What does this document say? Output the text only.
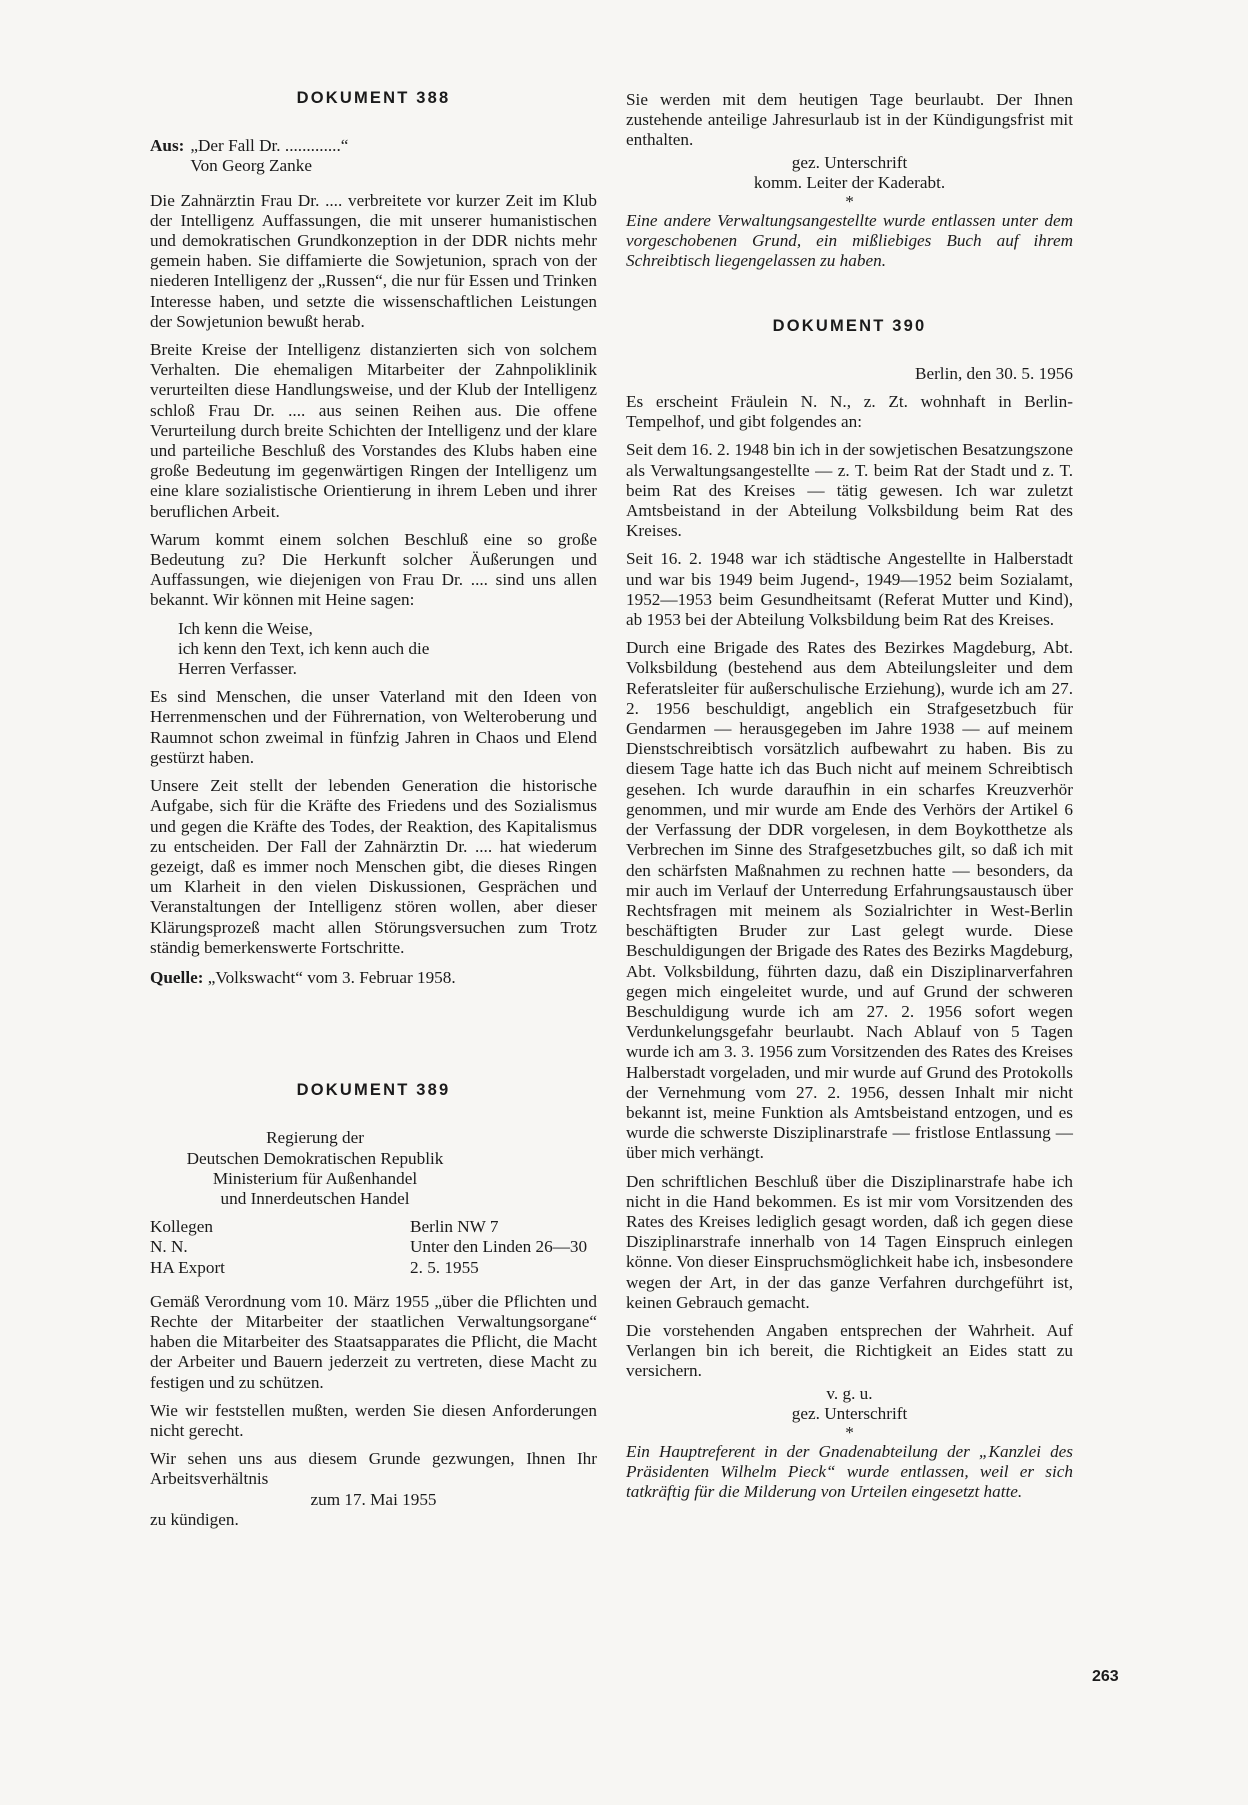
DOKUMENT 388
Aus: „Der Fall Dr. .............“
Von Georg Zanke

Die Zahnärztin Frau Dr. .... verbreitete vor kurzer Zeit im Klub der Intelligenz Auffassungen, die mit unserer humanistischen und demokratischen Grundkonzeption in der DDR nichts mehr gemein haben. Sie diffamierte die Sowjetunion, sprach von der niederen Intelligenz der „Russen“, die nur für Essen und Trinken Interesse haben, und setzte die wissenschaftlichen Leistungen der Sowjetunion bewußt herab.

Breite Kreise der Intelligenz distanzierten sich von solchem Verhalten. Die ehemaligen Mitarbeiter der Zahnpoliklinik verurteilten diese Handlungsweise, und der Klub der Intelligenz schloß Frau Dr. .... aus seinen Reihen aus. Die offene Verurteilung durch breite Schichten der Intelligenz und der klare und parteiliche Beschluß des Vorstandes des Klubs haben eine große Bedeutung im gegenwärtigen Ringen der Intelligenz um eine klare sozialistische Orientierung in ihrem Leben und ihrer beruflichen Arbeit.

Warum kommt einem solchen Beschluß eine so große Bedeutung zu? Die Herkunft solcher Äußerungen und Auffassungen, wie diejenigen von Frau Dr. .... sind uns allen bekannt. Wir können mit Heine sagen:

Ich kenn die Weise,
ich kenn den Text, ich kenn auch die
Herren Verfasser.

Es sind Menschen, die unser Vaterland mit den Ideen von Herrenmenschen und der Führernation, von Welteroberung und Raumnot schon zweimal in fünfzig Jahren in Chaos und Elend gestürzt haben.

Unsere Zeit stellt der lebenden Generation die historische Aufgabe, sich für die Kräfte des Friedens und des Sozialismus und gegen die Kräfte des Todes, der Reaktion, des Kapitalismus zu entscheiden. Der Fall der Zahnärztin Dr. .... hat wiederum gezeigt, daß es immer noch Menschen gibt, die dieses Ringen um Klarheit in den vielen Diskussionen, Gesprächen und Veranstaltungen der Intelligenz stören wollen, aber dieser Klärungsprozeß macht allen Störungsversuchen zum Trotz ständig bemerkenswerte Fortschritte.

Quelle: „Volkswacht“ vom 3. Februar 1958.

DOKUMENT 389
Regierung der
Deutschen Demokratischen Republik
Ministerium für Außenhandel
und Innerdeutschen Handel
Kollegen	Berlin NW 7
N. N.	Unter den Linden 26—30
HA Export	2. 5. 1955

Gemäß Verordnung vom 10. März 1955 „über die Pflichten und Rechte der Mitarbeiter der staatlichen Verwaltungsorgane“ haben die Mitarbeiter des Staatsapparates die Pflicht, die Macht der Arbeiter und Bauern jederzeit zu vertreten, diese Macht zu festigen und zu schützen.

Wie wir feststellen mußten, werden Sie diesen Anforderungen nicht gerecht.

Wir sehen uns aus diesem Grunde gezwungen, Ihnen Ihr Arbeitsverhältnis

zum 17. Mai 1955
zu kündigen.

Sie werden mit dem heutigen Tage beurlaubt. Der Ihnen zustehende anteilige Jahresurlaub ist in der Kündigungsfrist mit enthalten.

gez. Unterschrift
komm. Leiter der Kaderabt.
*

Eine andere Verwaltungsangestellte wurde entlassen unter dem vorgeschobenen Grund, ein mißliebiges Buch auf ihrem Schreibtisch liegengelassen zu haben.

DOKUMENT 390
Berlin, den 30. 5. 1956

Es erscheint Fräulein N. N., z. Zt. wohnhaft in Berlin-Tempelhof, und gibt folgendes an:

Seit dem 16. 2. 1948 bin ich in der sowjetischen Besatzungszone als Verwaltungsangestellte — z. T. beim Rat der Stadt und z. T. beim Rat des Kreises — tätig gewesen. Ich war zuletzt Amtsbeistand in der Abteilung Volksbildung beim Rat des Kreises.

Seit 16. 2. 1948 war ich städtische Angestellte in Halberstadt und war bis 1949 beim Jugend-, 1949—1952 beim Sozialamt, 1952—1953 beim Gesundheitsamt (Referat Mutter und Kind), ab 1953 bei der Abteilung Volksbildung beim Rat des Kreises.

Durch eine Brigade des Rates des Bezirkes Magdeburg, Abt. Volksbildung (bestehend aus dem Abteilungsleiter und dem Referatsleiter für außerschulische Erziehung), wurde ich am 27. 2. 1956 beschuldigt, angeblich ein Strafgesetzbuch für Gendarmen — herausgegeben im Jahre 1938 — auf meinem Dienstschreibtisch vorsätzlich aufbewahrt zu haben. Bis zu diesem Tage hatte ich das Buch nicht auf meinem Schreibtisch gesehen. Ich wurde daraufhin in ein scharfes Kreuzverhör genommen, und mir wurde am Ende des Verhörs der Artikel 6 der Verfassung der DDR vorgelesen, in dem Boykotthetze als Verbrechen im Sinne des Strafgesetzbuches gilt, so daß ich mit den schärfsten Maßnahmen zu rechnen hatte — besonders, da mir auch im Verlauf der Unterredung Erfahrungsaustausch über Rechtsfragen mit meinem als Sozialrichter in West-Berlin beschäftigten Bruder zur Last gelegt wurde. Diese Beschuldigungen der Brigade des Rates des Bezirks Magdeburg, Abt. Volksbildung, führten dazu, daß ein Disziplinarverfahren gegen mich eingeleitet wurde, und auf Grund der schweren Beschuldigung wurde ich am 27. 2. 1956 sofort wegen Verdunkelungsgefahr beurlaubt. Nach Ablauf von 5 Tagen wurde ich am 3. 3. 1956 zum Vorsitzenden des Rates des Kreises Halberstadt vorgeladen, und mir wurde auf Grund des Protokolls der Vernehmung vom 27. 2. 1956, dessen Inhalt mir nicht bekannt ist, meine Funktion als Amtsbeistand entzogen, und es wurde die schwerste Disziplinarstrafe — fristlose Entlassung — über mich verhängt.

Den schriftlichen Beschluß über die Disziplinarstrafe habe ich nicht in die Hand bekommen. Es ist mir vom Vorsitzenden des Rates des Kreises lediglich gesagt worden, daß ich gegen diese Disziplinarstrafe innerhalb von 14 Tagen Einspruch einlegen könne. Von dieser Einspruchsmöglichkeit habe ich, insbesondere wegen der Art, in der das ganze Verfahren durchgeführt ist, keinen Gebrauch gemacht.

Die vorstehenden Angaben entsprechen der Wahrheit. Auf Verlangen bin ich bereit, die Richtigkeit an Eides statt zu versichern.

v. g. u.
gez. Unterschrift
*

Ein Hauptreferent in der Gnadenabteilung der „Kanzlei des Präsidenten Wilhelm Pieck“ wurde entlassen, weil er sich tatkräftig für die Milderung von Urteilen eingesetzt hatte.

263
